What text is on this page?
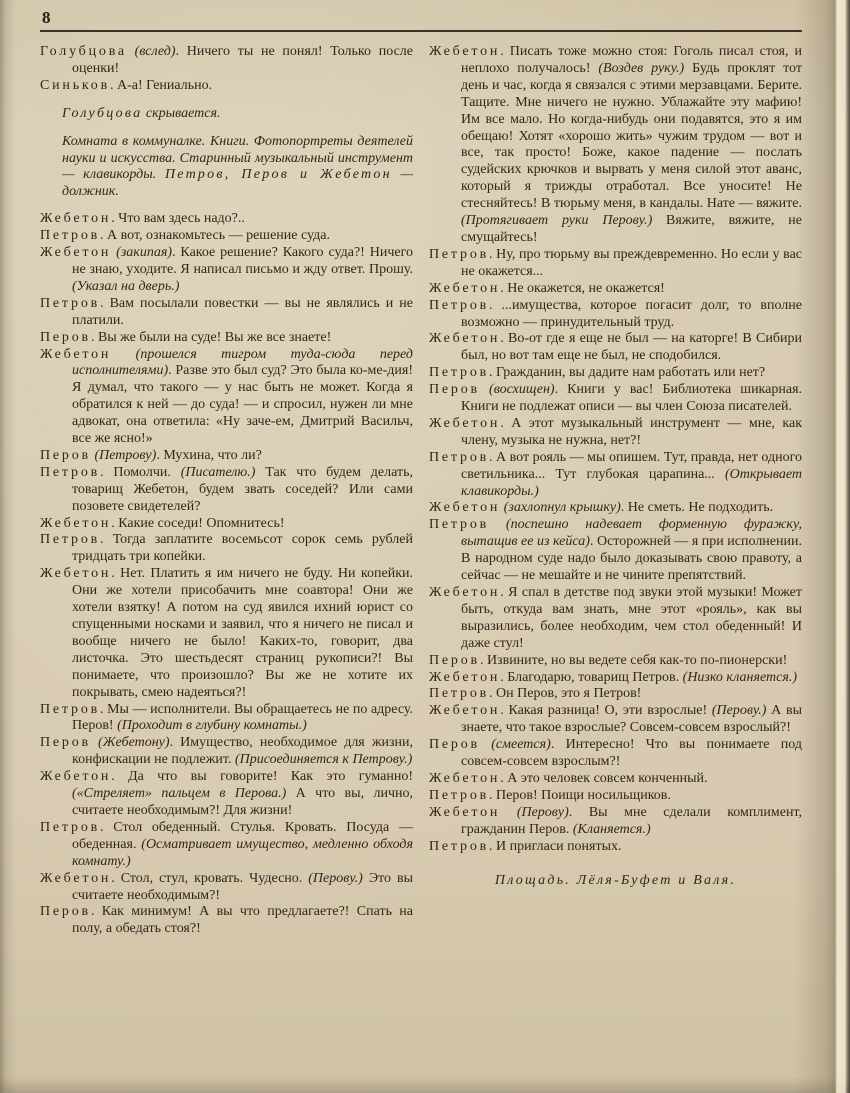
8

Голубцова (вслед). Ничего ты не понял! Только после оценки!

Синьков. А-а! Гениально.

Голубцова скрывается.

Комната в коммуналке. Книги. Фотопортреты деятелей науки и искусства. Старинный музыкальный инструмент — клавикорды. Петров, Перов и Жебетон — должник.

Жебетон. Что вам здесь надо?..

Петров. А вот, ознакомьтесь — решение суда.

Жебетон (закипая). Какое решение? Какого суда?! Ничего не знаю, уходите. Я написал письмо и жду ответ. Прошу. (Указал на дверь.)

Петров. Вам посылали повестки — вы не являлись и не платили.

Перов. Вы же были на суде! Вы же все знаете!

Жебетон (прошелся тигром туда-сюда перед исполнителями). Разве это был суд? Это была ко-ме-дия! Я думал, что такого — у нас быть не может. Когда я обратился к ней — до суда! — и спросил, нужен ли мне адвокат, она ответила: «Ну заче-ем, Дмитрий Васильч, все же ясно!»

Перов (Петрову). Мухина, что ли?

Петров. Помолчи. (Писателю.) Так что будем делать, товарищ Жебетон, будем звать соседей? Или сами позовете свидетелей?

Жебетон. Какие соседи! Опомнитесь!

Петров. Тогда заплатите восемьсот сорок семь рублей тридцать три копейки.

Жебетон. Нет. Платить я им ничего не буду. Ни копейки. Они же хотели присобачить мне соавтора! Они же хотели взятку! А потом на суд явился ихний юрист со спущенными носками и заявил, что я ничего не писал и вообще ничего не было! Каких-то, говорит, два листочка. Это шестьдесят страниц рукописи?! Вы понимаете, что произошло? Вы же не хотите их покрывать, смею надеяться?!

Петров. Мы — исполнители. Вы обращаетесь не по адресу. Перов! (Проходит в глубину комнаты.)

Перов (Жебетону). Имущество, необходимое для жизни, конфискации не подлежит. (Присоединяется к Петрову.)

Жебетон. Да что вы говорите! Как это гуманно! («Стреляет» пальцем в Перова.) А что вы, лично, считаете необходимым?! Для жизни!

Петров. Стол обеденный. Стулья. Кровать. Посуда — обеденная. (Осматривает имущество, медленно обходя комнату.)

Жебетон. Стол, стул, кровать. Чудесно. (Перову.) Это вы считаете необходимым?!

Перов. Как минимум! А вы что предлагаете?! Спать на полу, а обедать стоя?!

Жебетон. Писать тоже можно стоя: Гоголь писал стоя, и неплохо получалось! (Воздев руку.) Будь проклят тот день и час, когда я связался с этими мерзавцами. Берите. Тащите. Мне ничего не нужно. Ублажайте эту мафию! Им все мало. Но когда-нибудь они подавятся, это я им обещаю! Хотят «хорошо жить» чужим трудом — вот и все, так просто! Боже, какое падение — послать судейских крючков и вырвать у меня силой этот аванс, который я трижды отработал. Все уносите! Не стесняйтесь! В тюрьму меня, в кандалы. Нате — вяжите. (Протягивает руки Перову.) Вяжите, вяжите, не смущайтесь!

Петров. Ну, про тюрьму вы преждевременно. Но если у вас не окажется...

Жебетон. Не окажется, не окажется!

Петров. ...имущества, которое погасит долг, то вполне возможно — принудительный труд.

Жебетон. Во-от где я еще не был — на каторге! В Сибири был, но вот там еще не был, не сподобился.

Петров. Гражданин, вы дадите нам работать или нет?

Перов (восхищен). Книги у вас! Библиотека шикарная. Книги не подлежат описи — вы член Союза писателей.

Жебетон. А этот музыкальный инструмент — мне, как члену, музыка не нужна, нет?!

Петров. А вот рояль — мы опишем. Тут, правда, нет одного светильника... Тут глубокая царапина... (Открывает клавикорды.)

Жебетон (захлопнул крышку). Не сметь. Не подходить.

Петров (поспешно надевает форменную фуражку, вытащив ее из кейса). Осторожней — я при исполнении. В народном суде надо было доказывать свою правоту, а сейчас — не мешайте и не чините препятствий.

Жебетон. Я спал в детстве под звуки этой музыки! Может быть, откуда вам знать, мне этот «рояль», как вы выразились, более необходим, чем стол обеденный! И даже стул!

Перов. Извините, но вы ведете себя как-то по-пионерски!

Жебетон. Благодарю, товарищ Петров. (Низко кланяется.)

Петров. Он Перов, это я Петров!

Жебетон. Какая разница! О, эти взрослые! (Перову.) А вы знаете, что такое взрослые? Совсем-совсем взрослый?!

Перов (смеется). Интересно! Что вы понимаете под совсем-совсем взрослым?!

Жебетон. А это человек совсем конченный.

Петров. Перов! Поищи носильщиков.

Жебетон (Перову). Вы мне сделали комплимент, гражданин Перов. (Кланяется.)

Петров. И пригласи понятых.

Площадь. Лёля-Буфет и Валя.
